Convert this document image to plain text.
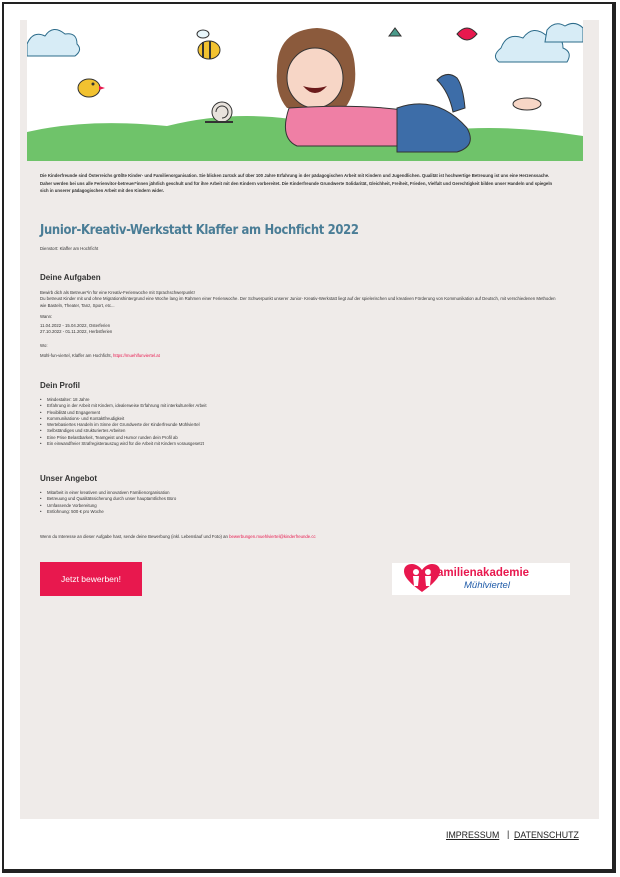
Die Kinderfreunde sind Österreichs größte Kinder- und Familienorganisation. Sie blicken zurück auf über 100 Jahre Erfahrung in der pädagogischen Arbeit mit Kindern und Jugendlichen. Qualität ist hochwertige Betreuung ist uns eine Herzenssache. Daher werden bei uns alle Ferienvitor-betreuer*innen jährlich geschult und für ihre Arbeit mit den Kindern vorbereitet. Die Kinderfreunde Grundwerte Solidarität, Gleichheit, Freiheit, Frieden, Vielfalt und Gerechtigkeit bilden unser Handeln und spiegeln sich in unserer pädagogischen Arbeit mit den Kindern wider.
Junior-Kreativ-Werkstatt Klaffer am Hochficht 2022
Dienstort: Klaffer am Hochficht
Deine Aufgaben
Bewirb dich als Betreuer*in für eine Kreativ-Ferienwoche mit Sprachschwerpunkt!
Du betreust Kinder mit und ohne Migrationshintergrund eine Woche lang im Rahmen einer Ferienwoche. Der Schwerpunkt unserer Junior- Kreativ-Werkstatt liegt auf der spielerischen und kreativen Förderung von Kommunikation auf Deutsch, mit verschiedenen Methoden wie Basteln, Theater, Tanz, Sport, etc...
Wann:
11.04.2022 - 15.04.2022, Osterferien
27.10.2022 - 01.11.2022, Herbstferien
Wo:
Mühl-fun-viertel, Klaffer am Hochficht, https://muehlfunviertel.at
Dein Profil
• Mindestalter: 18 Jahre
• Erfahrung in der Arbeit mit Kindern, idealerweise Erfahrung mit interkultureller Arbeit
• Flexibilität und Engagement
• Kommunikations- und Kontaktfreudigkeit
• Wertebasiertes Handeln im Sinne der Grundwerte der Kinderfreunde Mühlviertel
• Selbständiges und strukturiertes Arbeiten
• Eine Prise Belastbarkeit, Teamgeist und Humor runden dein Profil ab
• Ein einwandfreier Strafregisterauszug wird für die Arbeit mit Kindern vorausgesetzt
Unser Angebot
• Mitarbeit in einer kreativen und innovativen Familienorganisation
• Betreuung und Qualitätssicherung durch unser hauptamtliches Büro
• Umfassende Vorbereitung
• Entlohnung: 500 € pro Woche
Wenn du Interesse an dieser Aufgabe hast, sende deine Bewerbung (inkl. Lebenslauf und Foto) an bewerbungen.muehlviertel@kinderfreunde.cc
Jetzt bewerben!	Familienakademie
Mühlviertel
IMPRESSUM | DATENSCHUTZ
